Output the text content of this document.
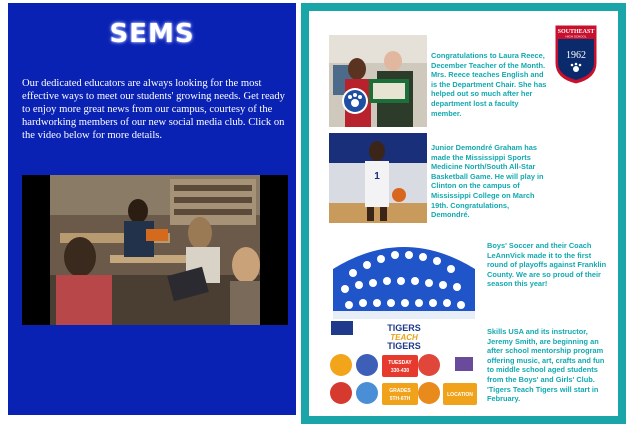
SEMS

Our dedicated educators are always looking for the most effective ways to meet our students' growing needs. Get ready to enjoy more great news from our campus, courtesy of the hardworking members of our new social media club. Click on the video below for more details.

SOUTHEAST
HIGH SCHOOL
1962

Congratulations to Laura Reece, December Teacher of the Month. Mrs. Reece teaches English and is the Department Chair. She has helped out so much after her department lost a faculty member.

1

Junior Demondré Graham has made the Mississippi Sports Medicine North/South All-Star Basketball Game. He will play in Clinton on the campus of Mississippi College on March 19th. Congratulations, Demondré.

Boys' Soccer and their Coach LeAnnVick made it to the first round of playoffs against Franklin County. We are so proud of their season this year!

TIGERS
TEACH
TIGERS
TUESDAY
330-430
GRADES
5TH-6TH
LOCATION

Skills USA and its instructor, Jeremy Smith, are beginning an after school mentorship program offering music, art, crafts and fun to middle school aged students from the Boys' and Girls' Club. 'Tigers Teach Tigers will start in February.
